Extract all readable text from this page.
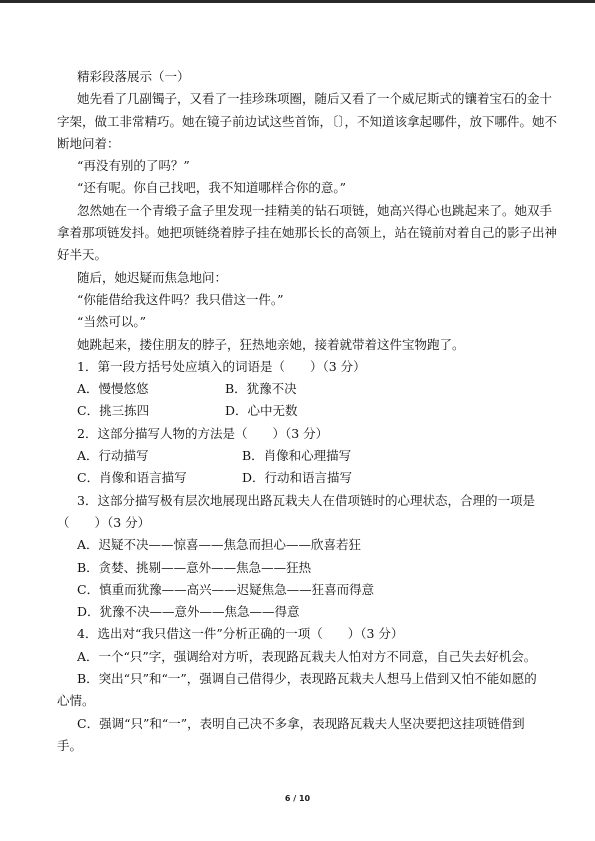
精彩段落展示（一）
她先看了几副镯子，又看了一挂珍珠项圈，随后又看了一个威尼斯式的镶着宝石的金十
字架，做工非常精巧。她在镜子前边试这些首饰，〔〕，不知道该拿起哪件，放下哪件。她不
断地问着：
“再没有别的了吗？”
“还有呢。你自己找吧，我不知道哪样合你的意。”
忽然她在一个青缎子盒子里发现一挂精美的钻石项链，她高兴得心也跳起来了。她双手
拿着那项链发抖。她把项链绕着脖子挂在她那长长的高领上，站在镜前对着自己的影子出神
好半天。
随后，她迟疑而焦急地问：
“你能借给我这件吗？我只借这一件。”
“当然可以。”
她跳起来，搂住朋友的脖子，狂热地亲她，接着就带着这件宝物跑了。
1．第一段方括号处应填入的词语是（　　）（3 分）
A．慢慢悠悠	B．犹豫不决
C．挑三拣四	D．心中无数
2．这部分描写人物的方法是（　　）（3 分）
A．行动描写	B．肖像和心理描写
C．肖像和语言描写	D．行动和语言描写
3．这部分描写极有层次地展现出路瓦栽夫人在借项链时的心理状态，合理的一项是
（　　）（3 分）
A．迟疑不决——惊喜——焦急而担心——欣喜若狂
B．贪婪、挑剔——意外——焦急——狂热
C．慎重而犹豫——高兴——迟疑焦急——狂喜而得意
D．犹豫不决——意外——焦急——得意
4．选出对“我只借这一件”分析正确的一项（　　）（3 分）
A．一个“只”字，强调给对方听，表现路瓦栽夫人怕对方不同意，自己失去好机会。
B．突出“只”和“一”，强调自己借得少，表现路瓦栽夫人想马上借到又怕不能如愿的
心情。
C．强调“只”和“一”，表明自己决不多拿，表现路瓦栽夫人坚决要把这挂项链借到
手。
6 / 10
